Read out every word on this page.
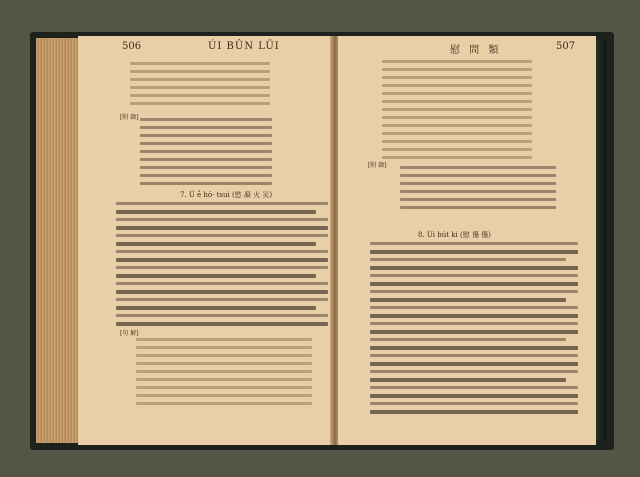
506	ÚI BÛN LÜI
[附 錄]
7. Ú ḗ hó· tsui (慾 凝 火 災)
[句 解]
慰 問 類	507
[附 錄]
8. Úi bút ki (慰 傷 傷)
